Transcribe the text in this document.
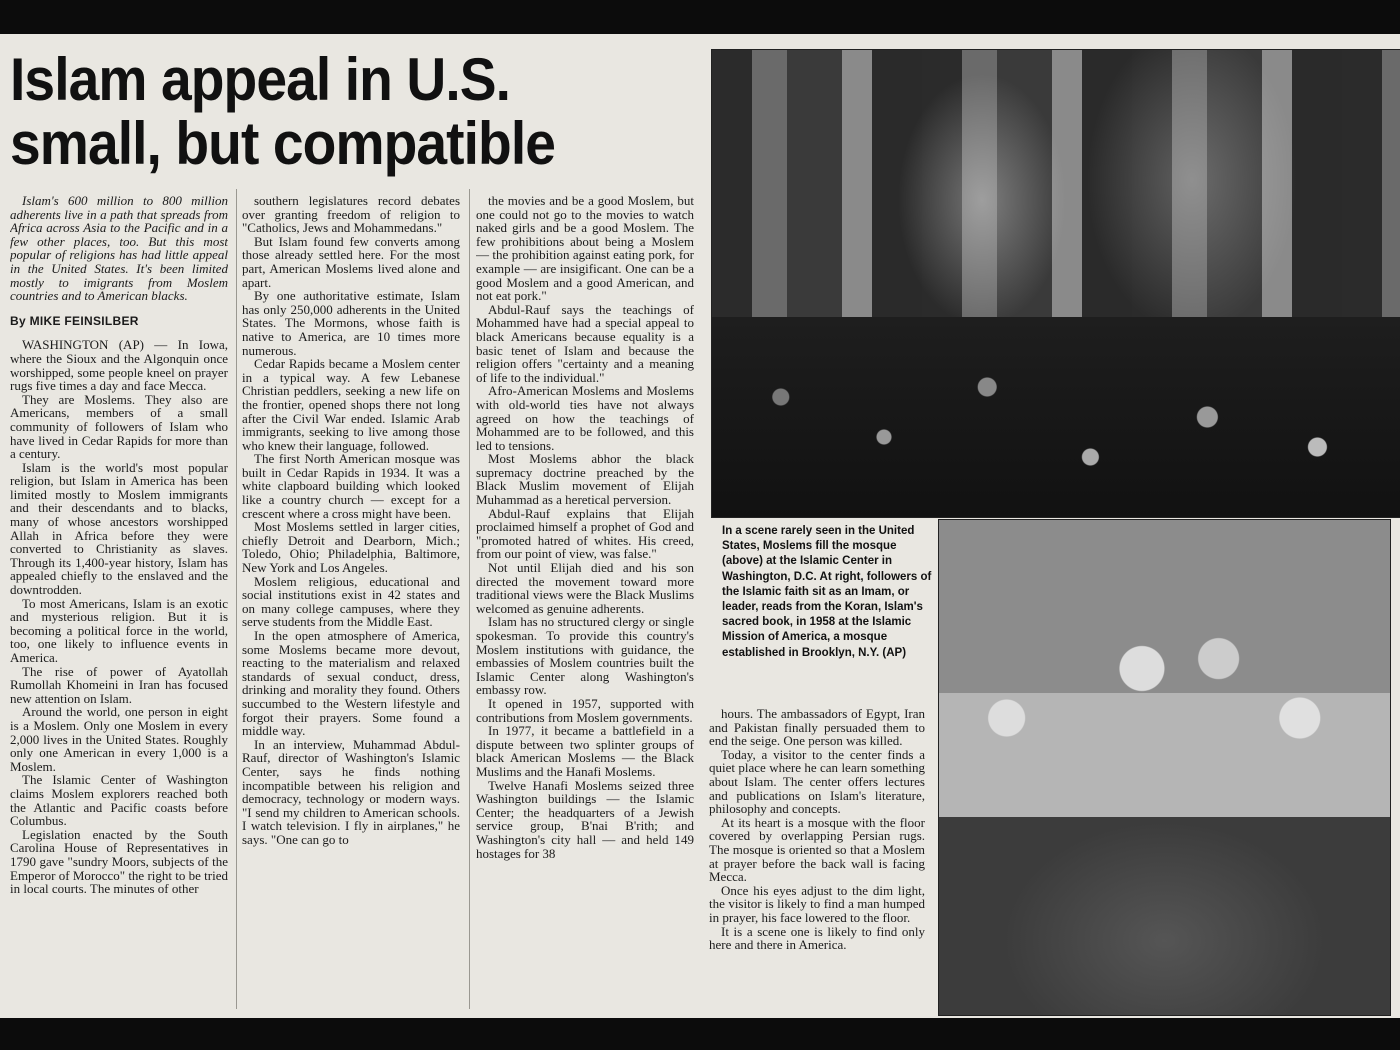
Islam appeal in U.S.
small, but compatible

Islam's 600 million to 800 million adherents live in a path that spreads from Africa across Asia to the Pacific and in a few other places, too. But this most popular of religions has had little appeal in the United States. It's been limited mostly to imigrants from Moslem countries and to American blacks.

By MIKE FEINSILBER

WASHINGTON (AP) — In Iowa, where the Sioux and the Algonquin once worshipped, some people kneel on prayer rugs five times a day and face Mecca.

They are Moslems. They also are Americans, members of a small community of followers of Islam who have lived in Cedar Rapids for more than a century.

Islam is the world's most popular religion, but Islam in America has been limited mostly to Moslem immigrants and their descendants and to blacks, many of whose ancestors worshipped Allah in Africa before they were converted to Christianity as slaves. Through its 1,400-year history, Islam has appealed chiefly to the enslaved and the downtrodden.

To most Americans, Islam is an exotic and mysterious religion. But it is becoming a political force in the world, too, one likely to influence events in America.

The rise of power of Ayatollah Rumollah Khomeini in Iran has focused new attention on Islam.

Around the world, one person in eight is a Moslem. Only one Moslem in every 2,000 lives in the United States. Roughly only one American in every 1,000 is a Moslem.

The Islamic Center of Washington claims Moslem explorers reached both the Atlantic and Pacific coasts before Columbus.

Legislation enacted by the South Carolina House of Representatives in 1790 gave "sundry Moors, subjects of the Emperor of Morocco" the right to be tried in local courts. The minutes of other

southern legislatures record debates over granting freedom of religion to "Catholics, Jews and Mohammedans."

But Islam found few converts among those already settled here. For the most part, American Moslems lived alone and apart.

By one authoritative estimate, Islam has only 250,000 adherents in the United States. The Mormons, whose faith is native to America, are 10 times more numerous.

Cedar Rapids became a Moslem center in a typical way. A few Lebanese Christian peddlers, seeking a new life on the frontier, opened shops there not long after the Civil War ended. Islamic Arab immigrants, seeking to live among those who knew their language, followed.

The first North American mosque was built in Cedar Rapids in 1934. It was a white clapboard building which looked like a country church — except for a crescent where a cross might have been.

Most Moslems settled in larger cities, chiefly Detroit and Dearborn, Mich.; Toledo, Ohio; Philadelphia, Baltimore, New York and Los Angeles.

Moslem religious, educational and social institutions exist in 42 states and on many college campuses, where they serve students from the Middle East.

In the open atmosphere of America, some Moslems became more devout, reacting to the materialism and relaxed standards of sexual conduct, dress, drinking and morality they found. Others succumbed to the Western lifestyle and forgot their prayers. Some found a middle way.

In an interview, Muhammad Abdul-Rauf, director of Washington's Islamic Center, says he finds nothing incompatible between his religion and democracy, technology or modern ways. "I send my children to American schools. I watch television. I fly in airplanes," he says. "One can go to

the movies and be a good Moslem, but one could not go to the movies to watch naked girls and be a good Moslem. The few prohibitions about being a Moslem — the prohibition against eating pork, for example — are insigificant. One can be a good Moslem and a good American, and not eat pork."

Abdul-Rauf says the teachings of Mohammed have had a special appeal to black Americans because equality is a basic tenet of Islam and because the religion offers "certainty and a meaning of life to the individual."

Afro-American Moslems and Moslems with old-world ties have not always agreed on how the teachings of Mohammed are to be followed, and this led to tensions.

Most Moslems abhor the black supremacy doctrine preached by the Black Muslim movement of Elijah Muhammad as a heretical perversion.

Abdul-Rauf explains that Elijah proclaimed himself a prophet of God and "promoted hatred of whites. His creed, from our point of view, was false."

Not until Elijah died and his son directed the movement toward more traditional views were the Black Muslims welcomed as genuine adherents.

Islam has no structured clergy or single spokesman. To provide this country's Moslem institutions with guidance, the embassies of Moslem countries built the Islamic Center along Washington's embassy row.

It opened in 1957, supported with contributions from Moslem governments.

In 1977, it became a battlefield in a dispute between two splinter groups of black American Moslems — the Black Muslims and the Hanafi Moslems.

Twelve Hanafi Moslems seized three Washington buildings — the Islamic Center; the headquarters of a Jewish service group, B'nai B'rith; and Washington's city hall — and held 149 hostages for 38

In a scene rarely seen in the United States, Moslems fill the mosque (above) at the Islamic Center in Washington, D.C. At right, followers of the Islamic faith sit as an Imam, or leader, reads from the Koran, Islam's sacred book, in 1958 at the Islamic Mission of America, a mosque established in Brooklyn, N.Y. (AP)

hours. The ambassadors of Egypt, Iran and Pakistan finally persuaded them to end the seige. One person was killed.

Today, a visitor to the center finds a quiet place where he can learn something about Islam. The center offers lectures and publications on Islam's literature, philosophy and concepts.

At its heart is a mosque with the floor covered by overlapping Persian rugs. The mosque is oriented so that a Moslem at prayer before the back wall is facing Mecca.

Once his eyes adjust to the dim light, the visitor is likely to find a man humped in prayer, his face lowered to the floor.

It is a scene one is likely to find only here and there in America.
